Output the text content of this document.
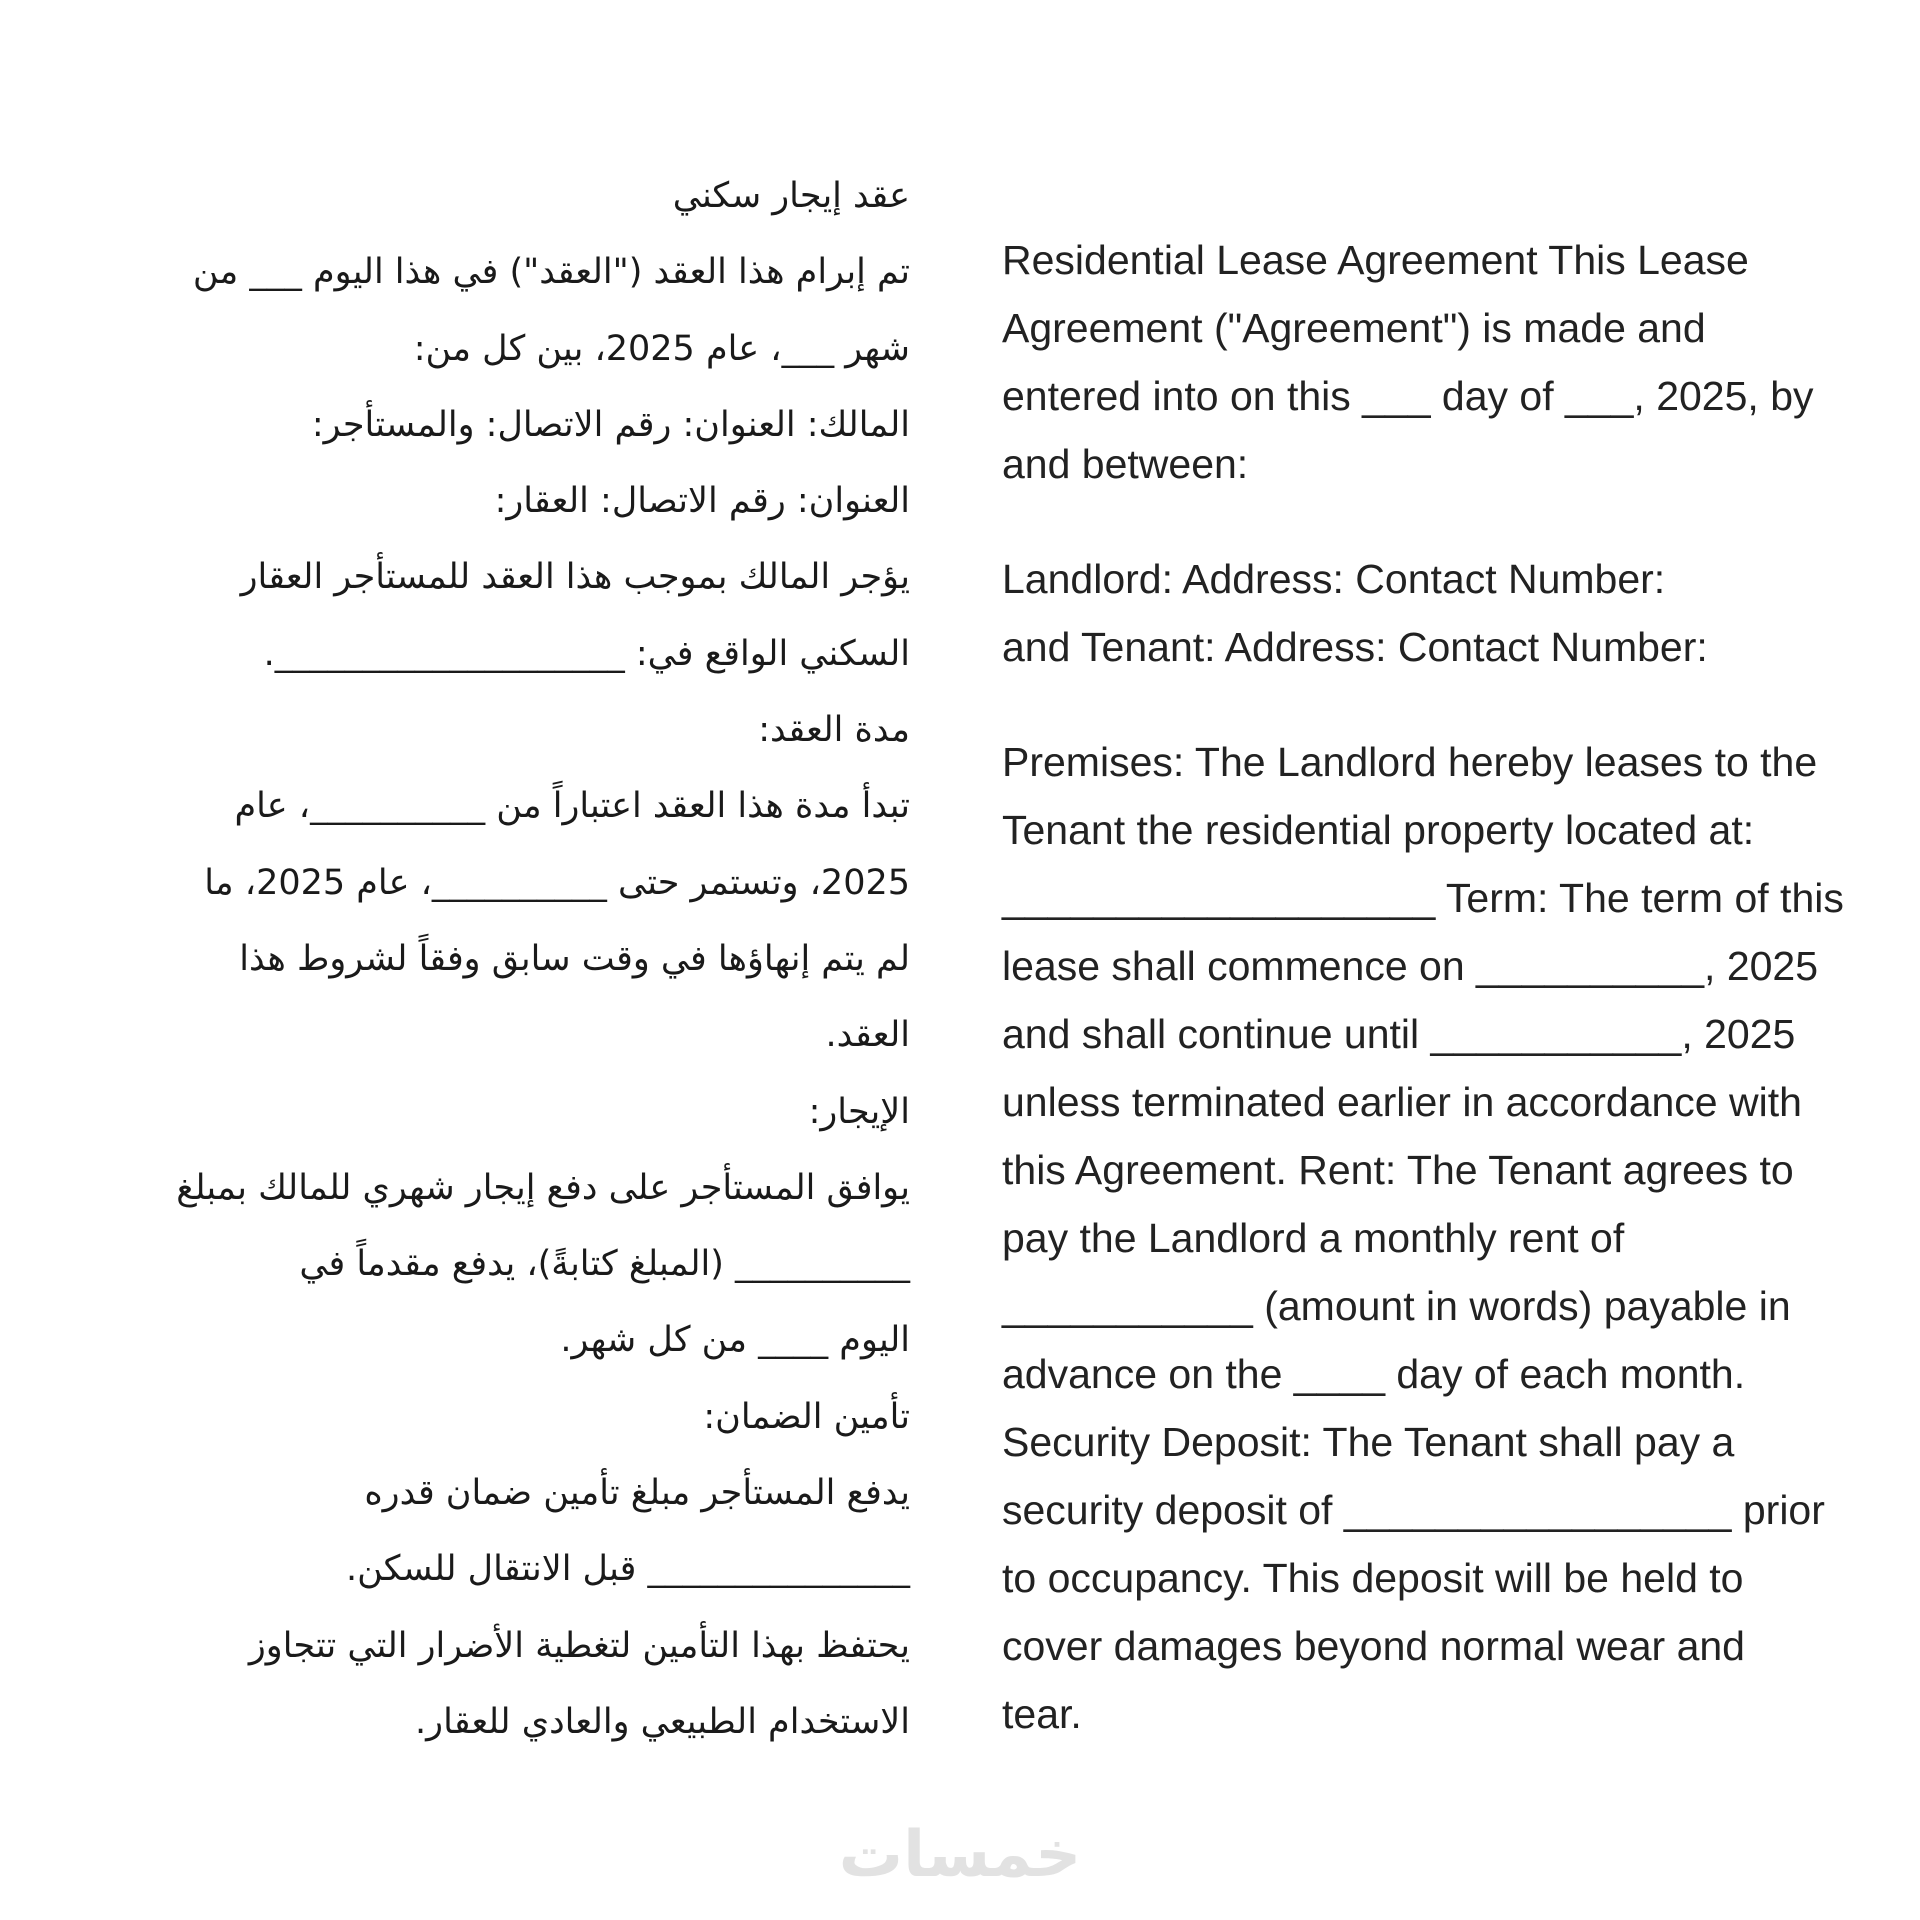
عقد إيجار سكني
تم إبرام هذا العقد ("العقد") في هذا اليوم ___ من
شهر ___، عام 2025، بين كل من:
المالك: العنوان: رقم الاتصال: والمستأجر:
العنوان: رقم الاتصال: العقار:
يؤجر المالك بموجب هذا العقد للمستأجر العقار
السكني الواقع في: ____________________.
مدة العقد:
تبدأ مدة هذا العقد اعتباراً من __________، عام
2025، وتستمر حتى __________، عام 2025، ما
لم يتم إنهاؤها في وقت سابق وفقاً لشروط هذا
العقد.
الإيجار:
يوافق المستأجر على دفع إيجار شهري للمالك بمبلغ
__________ (المبلغ كتابةً)، يدفع مقدماً في
اليوم ____ من كل شهر.
تأمين الضمان:
يدفع المستأجر مبلغ تأمين ضمان قدره
_______________ قبل الانتقال للسكن.
يحتفظ بهذا التأمين لتغطية الأضرار التي تتجاوز
الاستخدام الطبيعي والعادي للعقار.
Residential Lease Agreement This Lease
Agreement ("Agreement") is made and
entered into on this ___ day of ___, 2025, by
and between:
Landlord: Address: Contact Number:
and Tenant: Address: Contact Number:
Premises: The Landlord hereby leases to the
Tenant the residential property located at:
___________________ Term: The term of this
lease shall commence on __________, 2025
and shall continue until ___________, 2025
unless terminated earlier in accordance with
this Agreement. Rent: The Tenant agrees to
pay the Landlord a monthly rent of
___________ (amount in words) payable in
advance on the ____ day of each month.
Security Deposit: The Tenant shall pay a
security deposit of _________________ prior
to occupancy. This deposit will be held to
cover damages beyond normal wear and
tear.
خمسات
